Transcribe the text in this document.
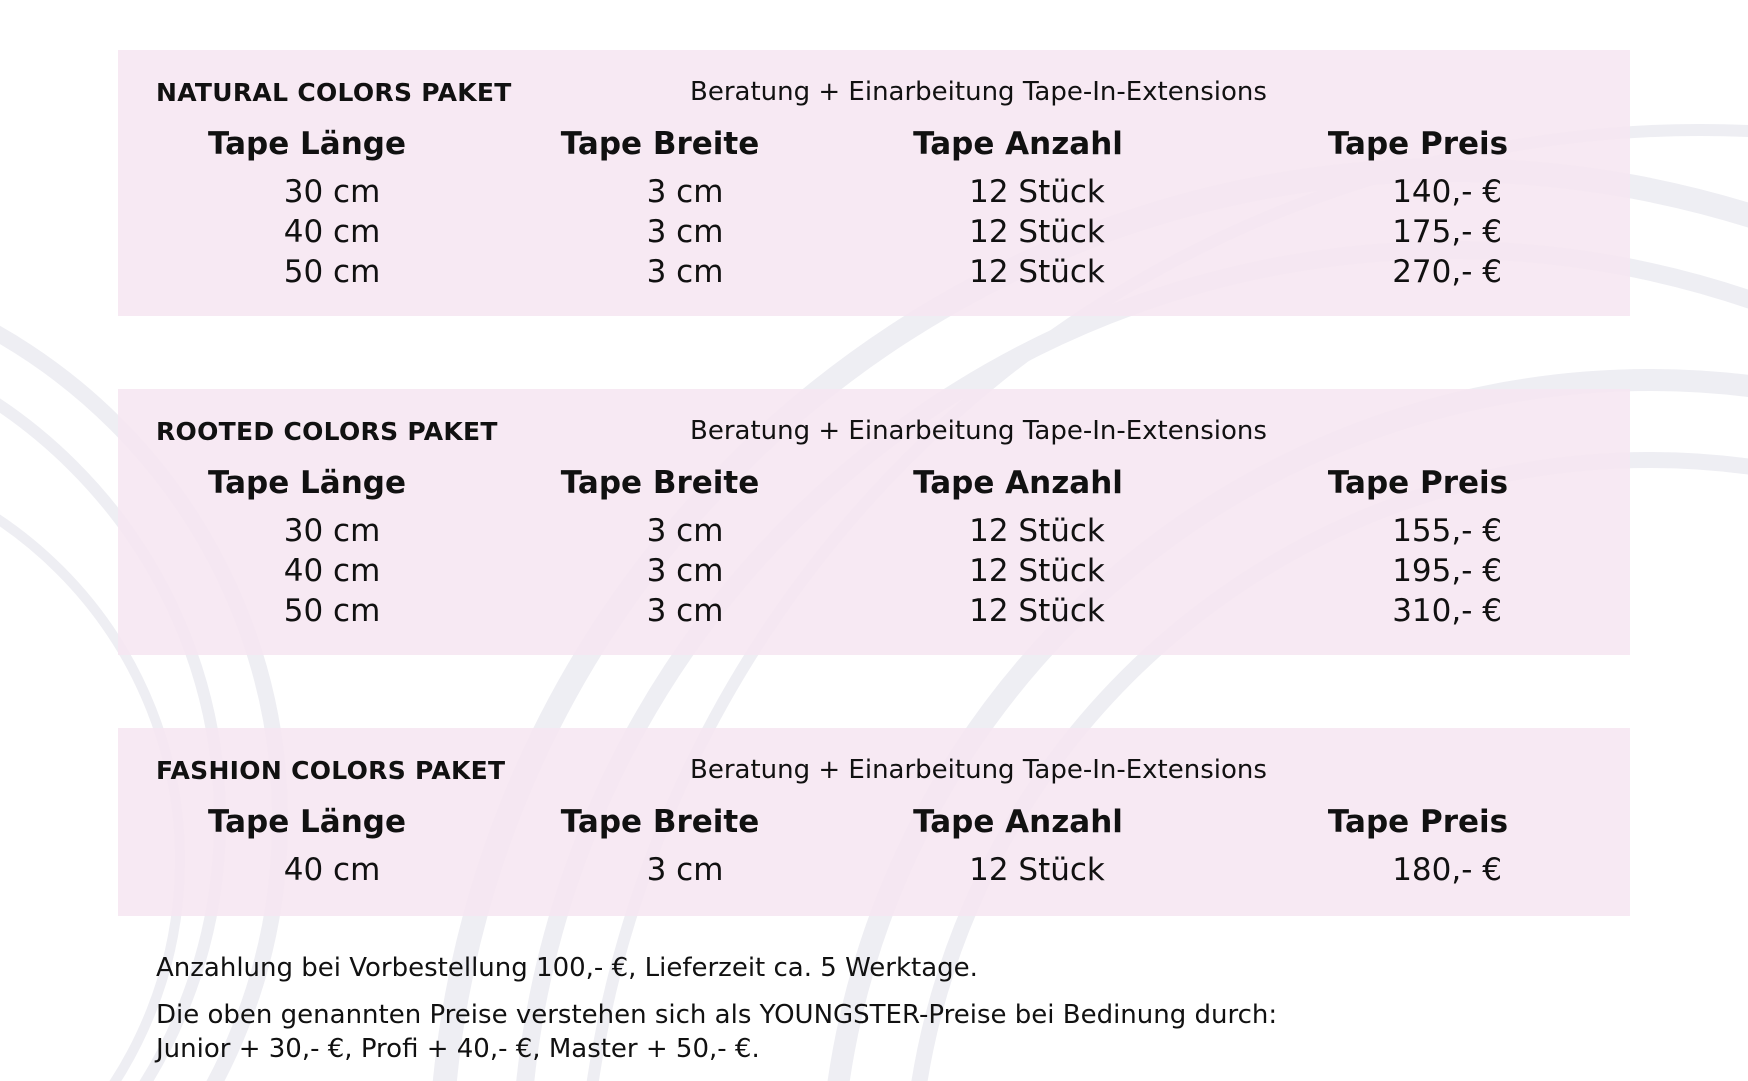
NATURAL COLORS PAKET	Beratung + Einarbeitung Tape-In-Extensions
Tape Länge	Tape Breite	Tape Anzahl	Tape Preis
30 cm	3 cm	12 Stück	140,- €
40 cm	3 cm	12 Stück	175,- €
50 cm	3 cm	12 Stück	270,- €
ROOTED COLORS PAKET	Beratung + Einarbeitung Tape-In-Extensions
Tape Länge	Tape Breite	Tape Anzahl	Tape Preis
30 cm	3 cm	12 Stück	155,- €
40 cm	3 cm	12 Stück	195,- €
50 cm	3 cm	12 Stück	310,- €
FASHION COLORS PAKET	Beratung + Einarbeitung Tape-In-Extensions
Tape Länge	Tape Breite	Tape Anzahl	Tape Preis
40 cm	3 cm	12 Stück	180,- €

Anzahlung bei Vorbestellung 100,- €, Lieferzeit ca. 5 Werktage.

Die oben genannten Preise verstehen sich als YOUNGSTER-Preise bei Bedinung durch:

Junior + 30,- €, Profi + 40,- €, Master + 50,- €.
